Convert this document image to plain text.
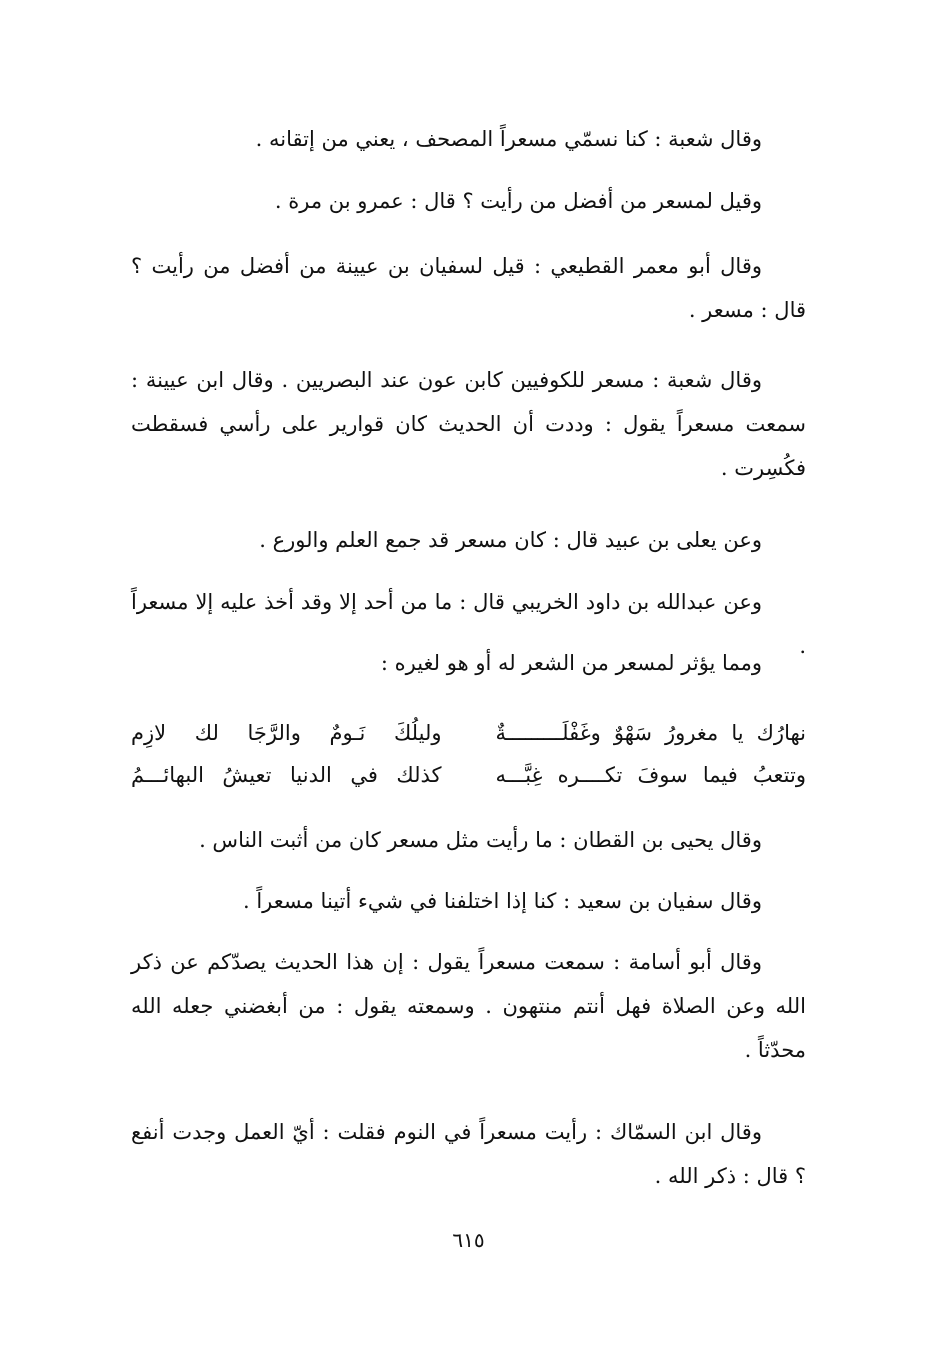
وقال شعبة : كنا نسمّي مسعراً المصحف ، يعني من إتقانه .

وقيل لمسعر من أفضل من رأيت ؟ قال : عمرو بن مرة .

وقال أبو معمر القطيعي : قيل لسفيان بن عيينة من أفضل من رأيت ؟ قال : مسعر .

وقال شعبة : مسعر للكوفيين كابن عون عند البصريين . وقال ابن عيينة : سمعت مسعراً يقول : وددت أن الحديث كان قوارير على رأسي فسقطت فكُسِرت .

وعن يعلى بن عبيد قال : كان مسعر قد جمع العلم والورع .

وعن عبدالله بن داود الخريبي قال : ما من أحد إلا وقد أخذ عليه إلا مسعراً .

ومما يؤثر لمسعر من الشعر له أو هو لغيره :

نهارُك يا مغرورُ سَهْوٌ وغَفْلَـــــــــةٌ
وليلُكَ نَـومٌ والرَّجَا لك لازِم
وتتعبُ فيما سوفَ تكــــره غِبَّـــه
كذلك في الدنيا تعيشُ البهائـــمُ

وقال يحيى بن القطان : ما رأيت مثل مسعر كان من أثبت الناس .

وقال سفيان بن سعيد : كنا إذا اختلفنا في شيء أتينا مسعراً .

وقال أبو أسامة : سمعت مسعراً يقول : إن هذا الحديث يصدّكم عن ذكر الله وعن الصلاة فهل أنتم منتهون . وسمعته يقول : من أبغضني جعله الله محدّثاً .

وقال ابن السمّاك : رأيت مسعراً في النوم فقلت : أيّ العمل وجدت أنفع ؟ قال : ذكر الله .

٦١٥
